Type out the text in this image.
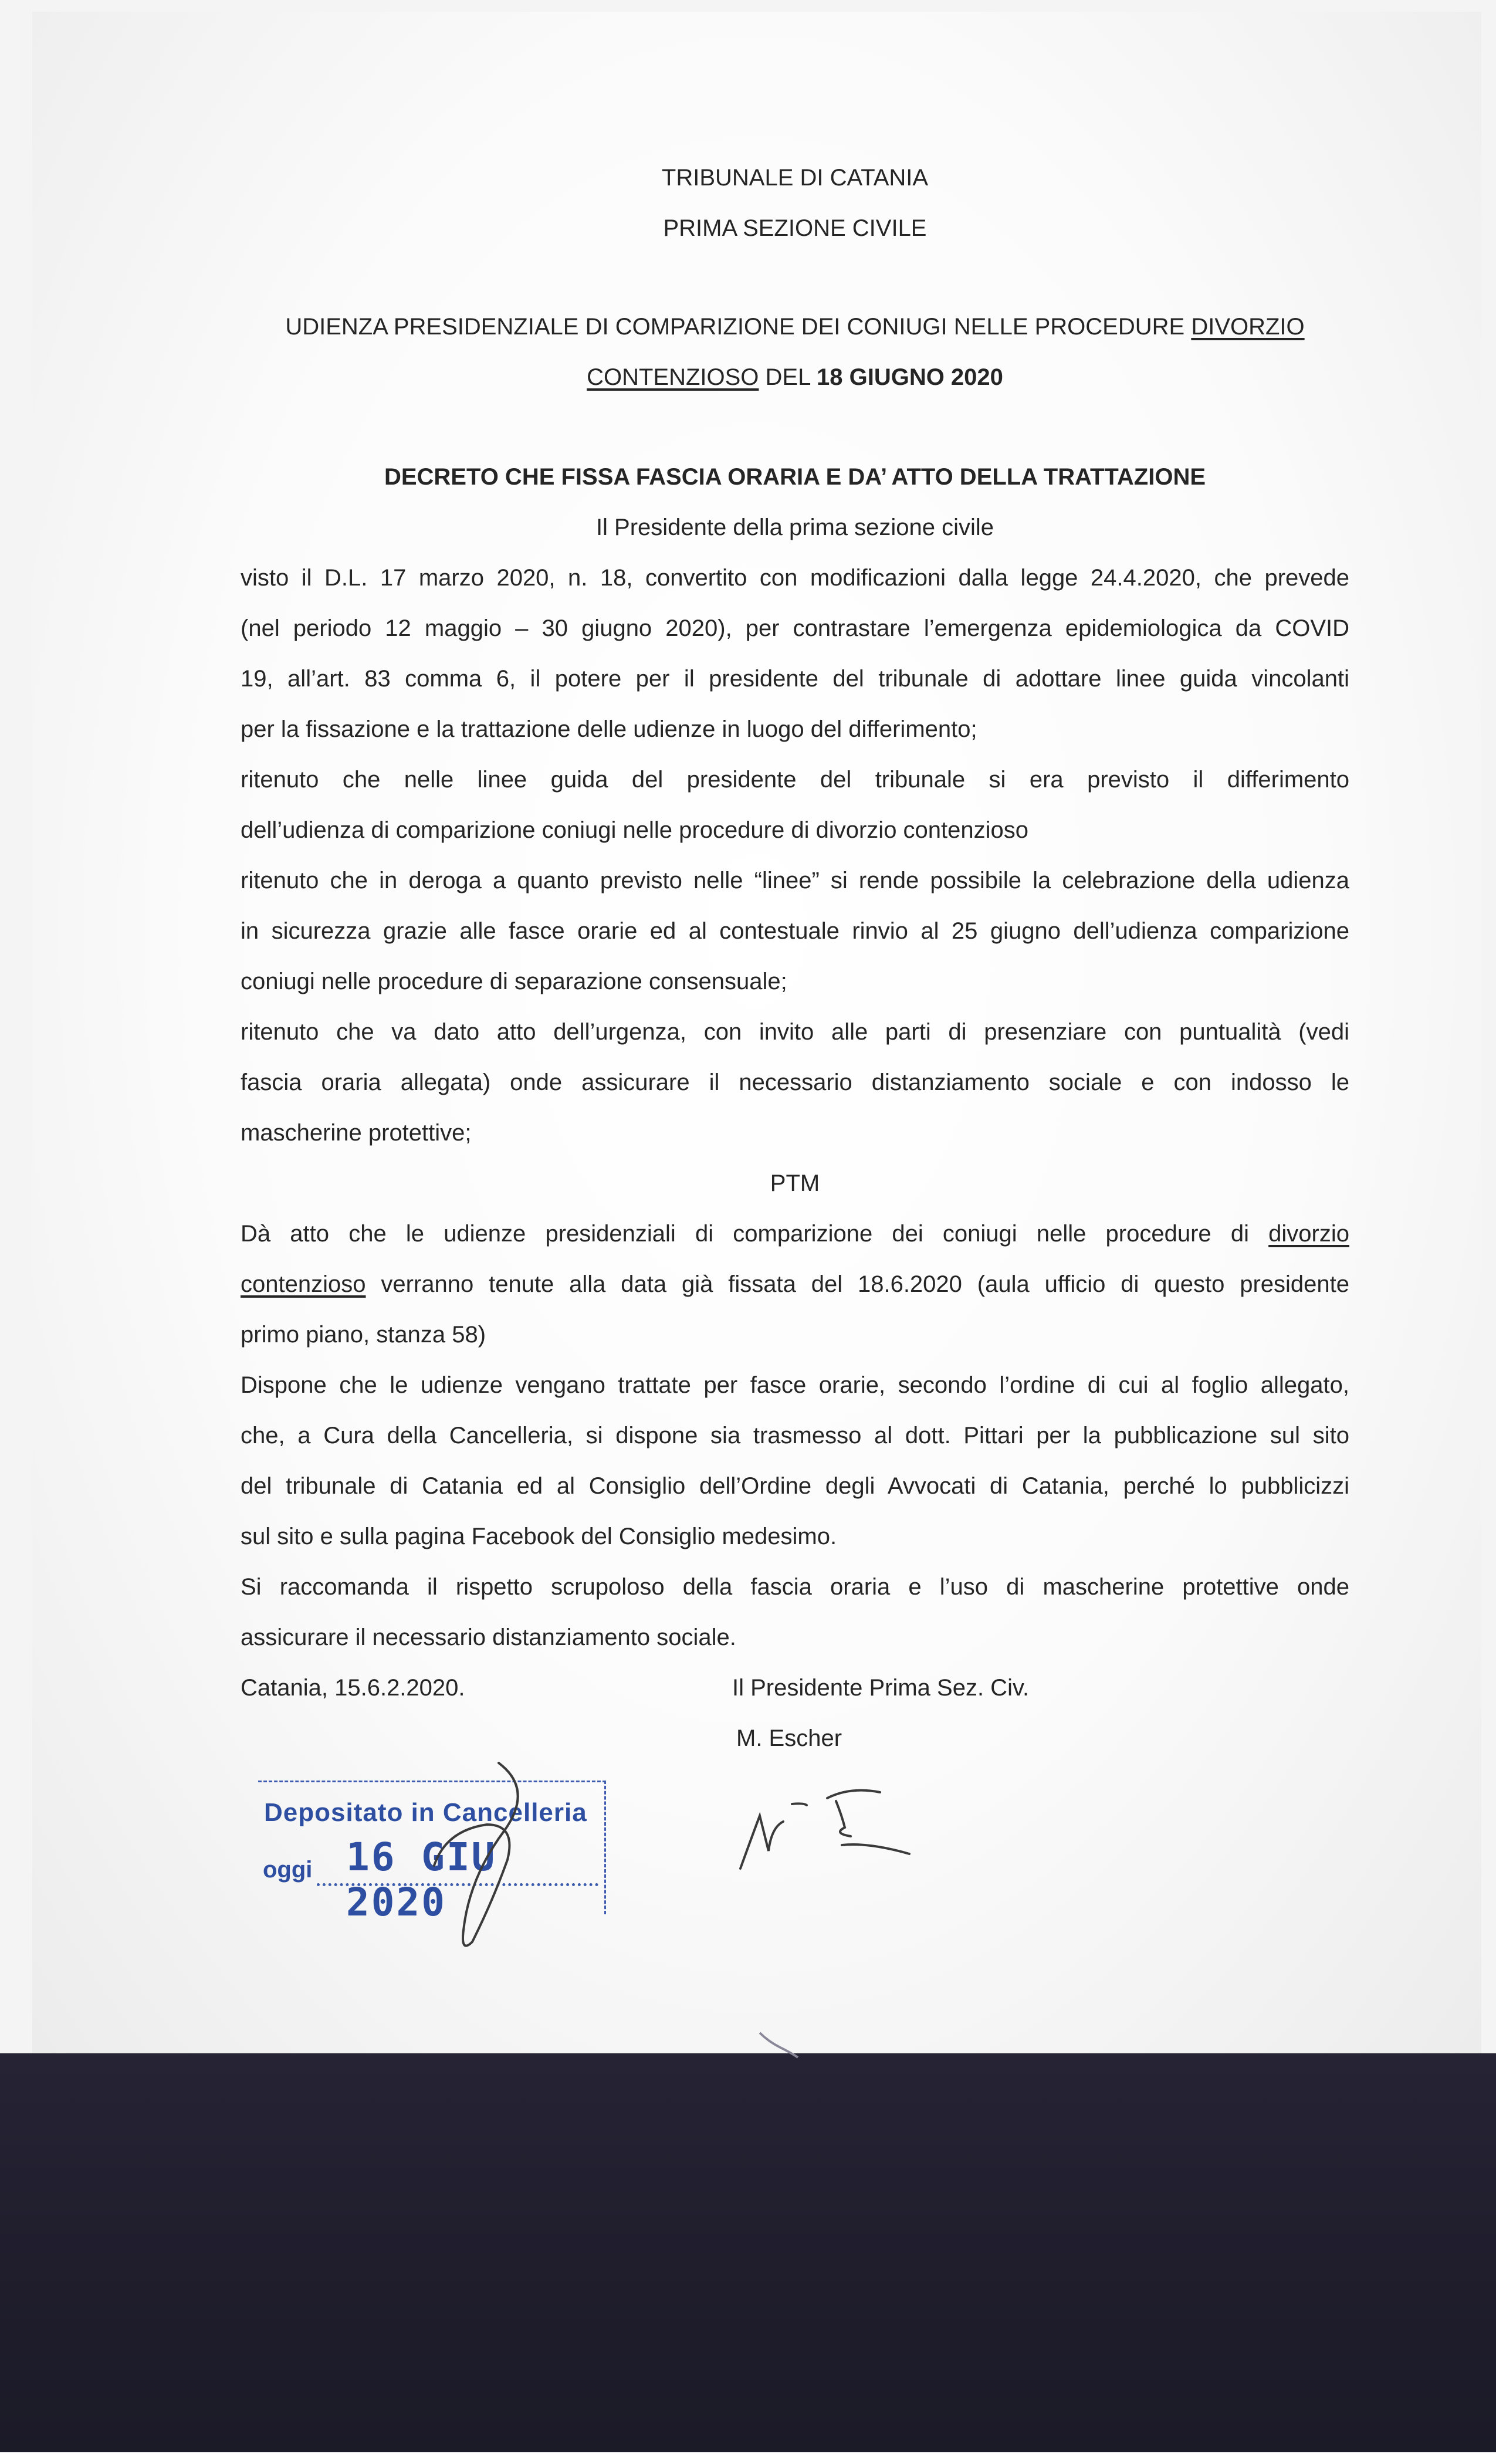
TRIBUNALE DI CATANIA
PRIMA SEZIONE CIVILE
UDIENZA PRESIDENZIALE DI COMPARIZIONE DEI CONIUGI NELLE PROCEDURE DIVORZIO
CONTENZIOSO DEL 18 GIUGNO 2020
DECRETO CHE FISSA FASCIA ORARIA E DA’ ATTO DELLA TRATTAZIONE
Il Presidente della prima sezione civile
visto il D.L. 17 marzo 2020, n. 18, convertito con modificazioni dalla legge 24.4.2020, che prevede
(nel periodo 12 maggio – 30 giugno 2020), per contrastare l’emergenza epidemiologica da COVID
19, all’art. 83 comma 6, il potere per il presidente del tribunale di adottare linee guida vincolanti
per la fissazione e la trattazione delle udienze in luogo del differimento;
ritenuto che nelle linee guida del presidente del tribunale si era previsto il differimento
dell’udienza di comparizione coniugi nelle procedure di divorzio contenzioso
ritenuto che in deroga a quanto previsto nelle “linee” si rende possibile la celebrazione della udienza
in sicurezza grazie alle fasce orarie ed al contestuale rinvio al 25 giugno dell’udienza comparizione
coniugi nelle procedure di separazione consensuale;
ritenuto che va dato atto dell’urgenza, con invito alle parti di presenziare con puntualità (vedi
fascia oraria allegata) onde assicurare il necessario distanziamento sociale e con indosso le
mascherine protettive;
PTM
Dà atto che le udienze presidenziali di comparizione dei coniugi nelle procedure di divorzio
contenzioso verranno tenute alla data già fissata del 18.6.2020 (aula ufficio di questo presidente
primo piano, stanza 58)
Dispone che le udienze vengano trattate per fasce orarie, secondo l’ordine di cui al foglio allegato,
che, a Cura della Cancelleria, si dispone sia trasmesso al dott. Pittari per la pubblicazione sul sito
del tribunale di Catania ed al Consiglio dell’Ordine degli Avvocati di Catania, perché lo pubblicizzi
sul sito e sulla pagina Facebook del Consiglio medesimo.
Si raccomanda il rispetto scrupoloso della fascia oraria e l’uso di mascherine protettive onde
assicurare il necessario distanziamento sociale.
Catania, 15.6.2.2020.	Il Presidente Prima Sez. Civ.
M. Escher
Depositato in Cancelleria
oggi 16 GIU 2020
